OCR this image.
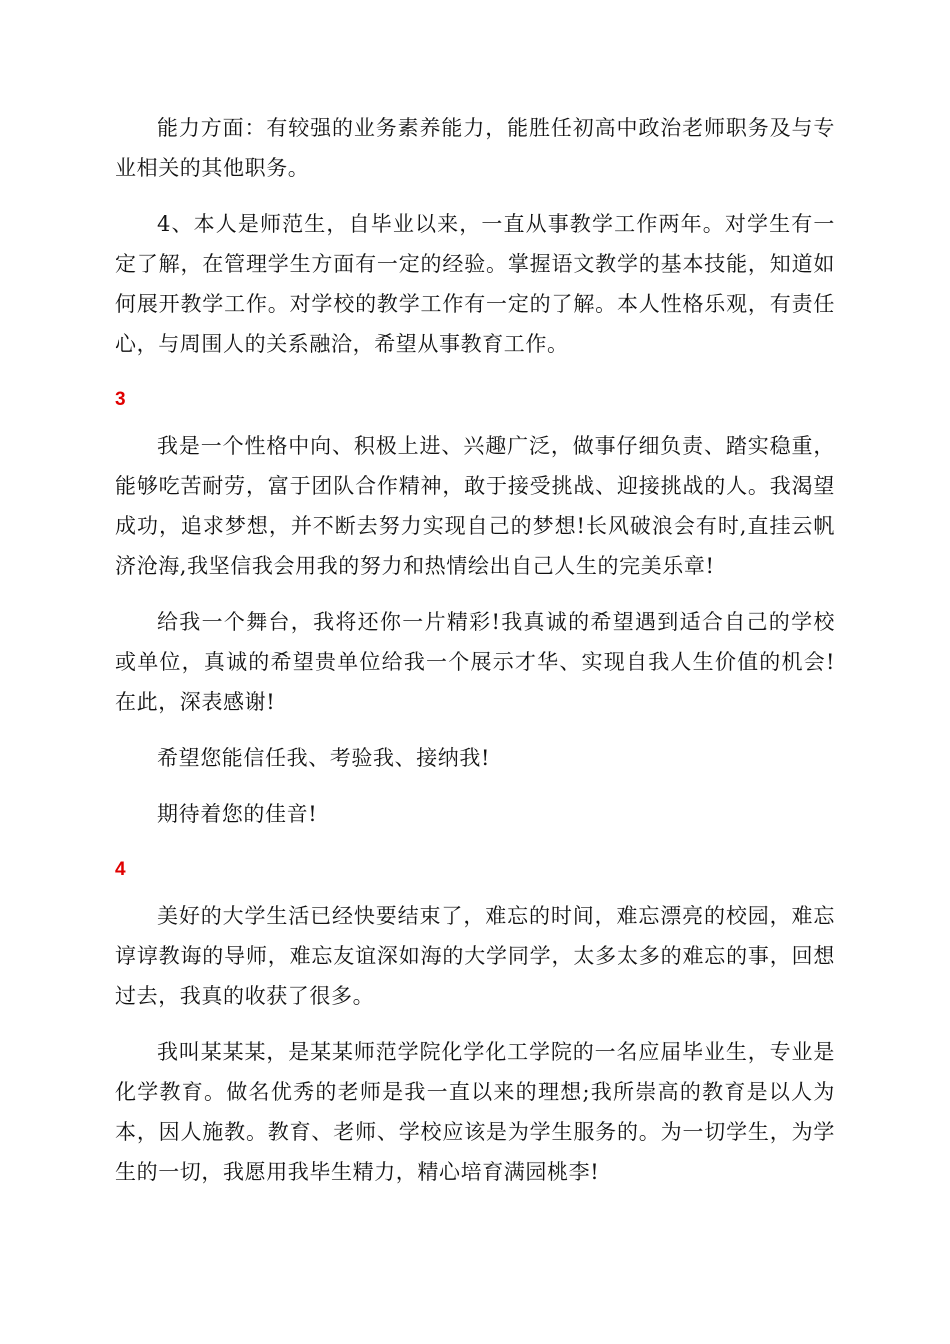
能力方面：有较强的业务素养能力，能胜任初高中政治老师职务及与专业相关的其他职务。

4、本人是师范生，自毕业以来，一直从事教学工作两年。对学生有一定了解，在管理学生方面有一定的经验。掌握语文教学的基本技能，知道如何展开教学工作。对学校的教学工作有一定的了解。本人性格乐观，有责任心，与周围人的关系融洽，希望从事教育工作。

3

我是一个性格中向、积极上进、兴趣广泛，做事仔细负责、踏实稳重，能够吃苦耐劳，富于团队合作精神，敢于接受挑战、迎接挑战的人。我渴望成功，追求梦想，并不断去努力实现自己的梦想!长风破浪会有时,直挂云帆济沧海,我坚信我会用我的努力和热情绘出自己人生的完美乐章!

给我一个舞台，我将还你一片精彩!我真诚的希望遇到适合自己的学校或单位，真诚的希望贵单位给我一个展示才华、实现自我人生价值的机会!在此，深表感谢!

希望您能信任我、考验我、接纳我!

期待着您的佳音!

4

美好的大学生活已经快要结束了，难忘的时间，难忘漂亮的校园，难忘谆谆教诲的导师，难忘友谊深如海的大学同学，太多太多的难忘的事，回想过去，我真的收获了很多。

我叫某某某，是某某师范学院化学化工学院的一名应届毕业生，专业是化学教育。做名优秀的老师是我一直以来的理想;我所崇高的教育是以人为本，因人施教。教育、老师、学校应该是为学生服务的。为一切学生，为学生的一切，我愿用我毕生精力，精心培育满园桃李!
